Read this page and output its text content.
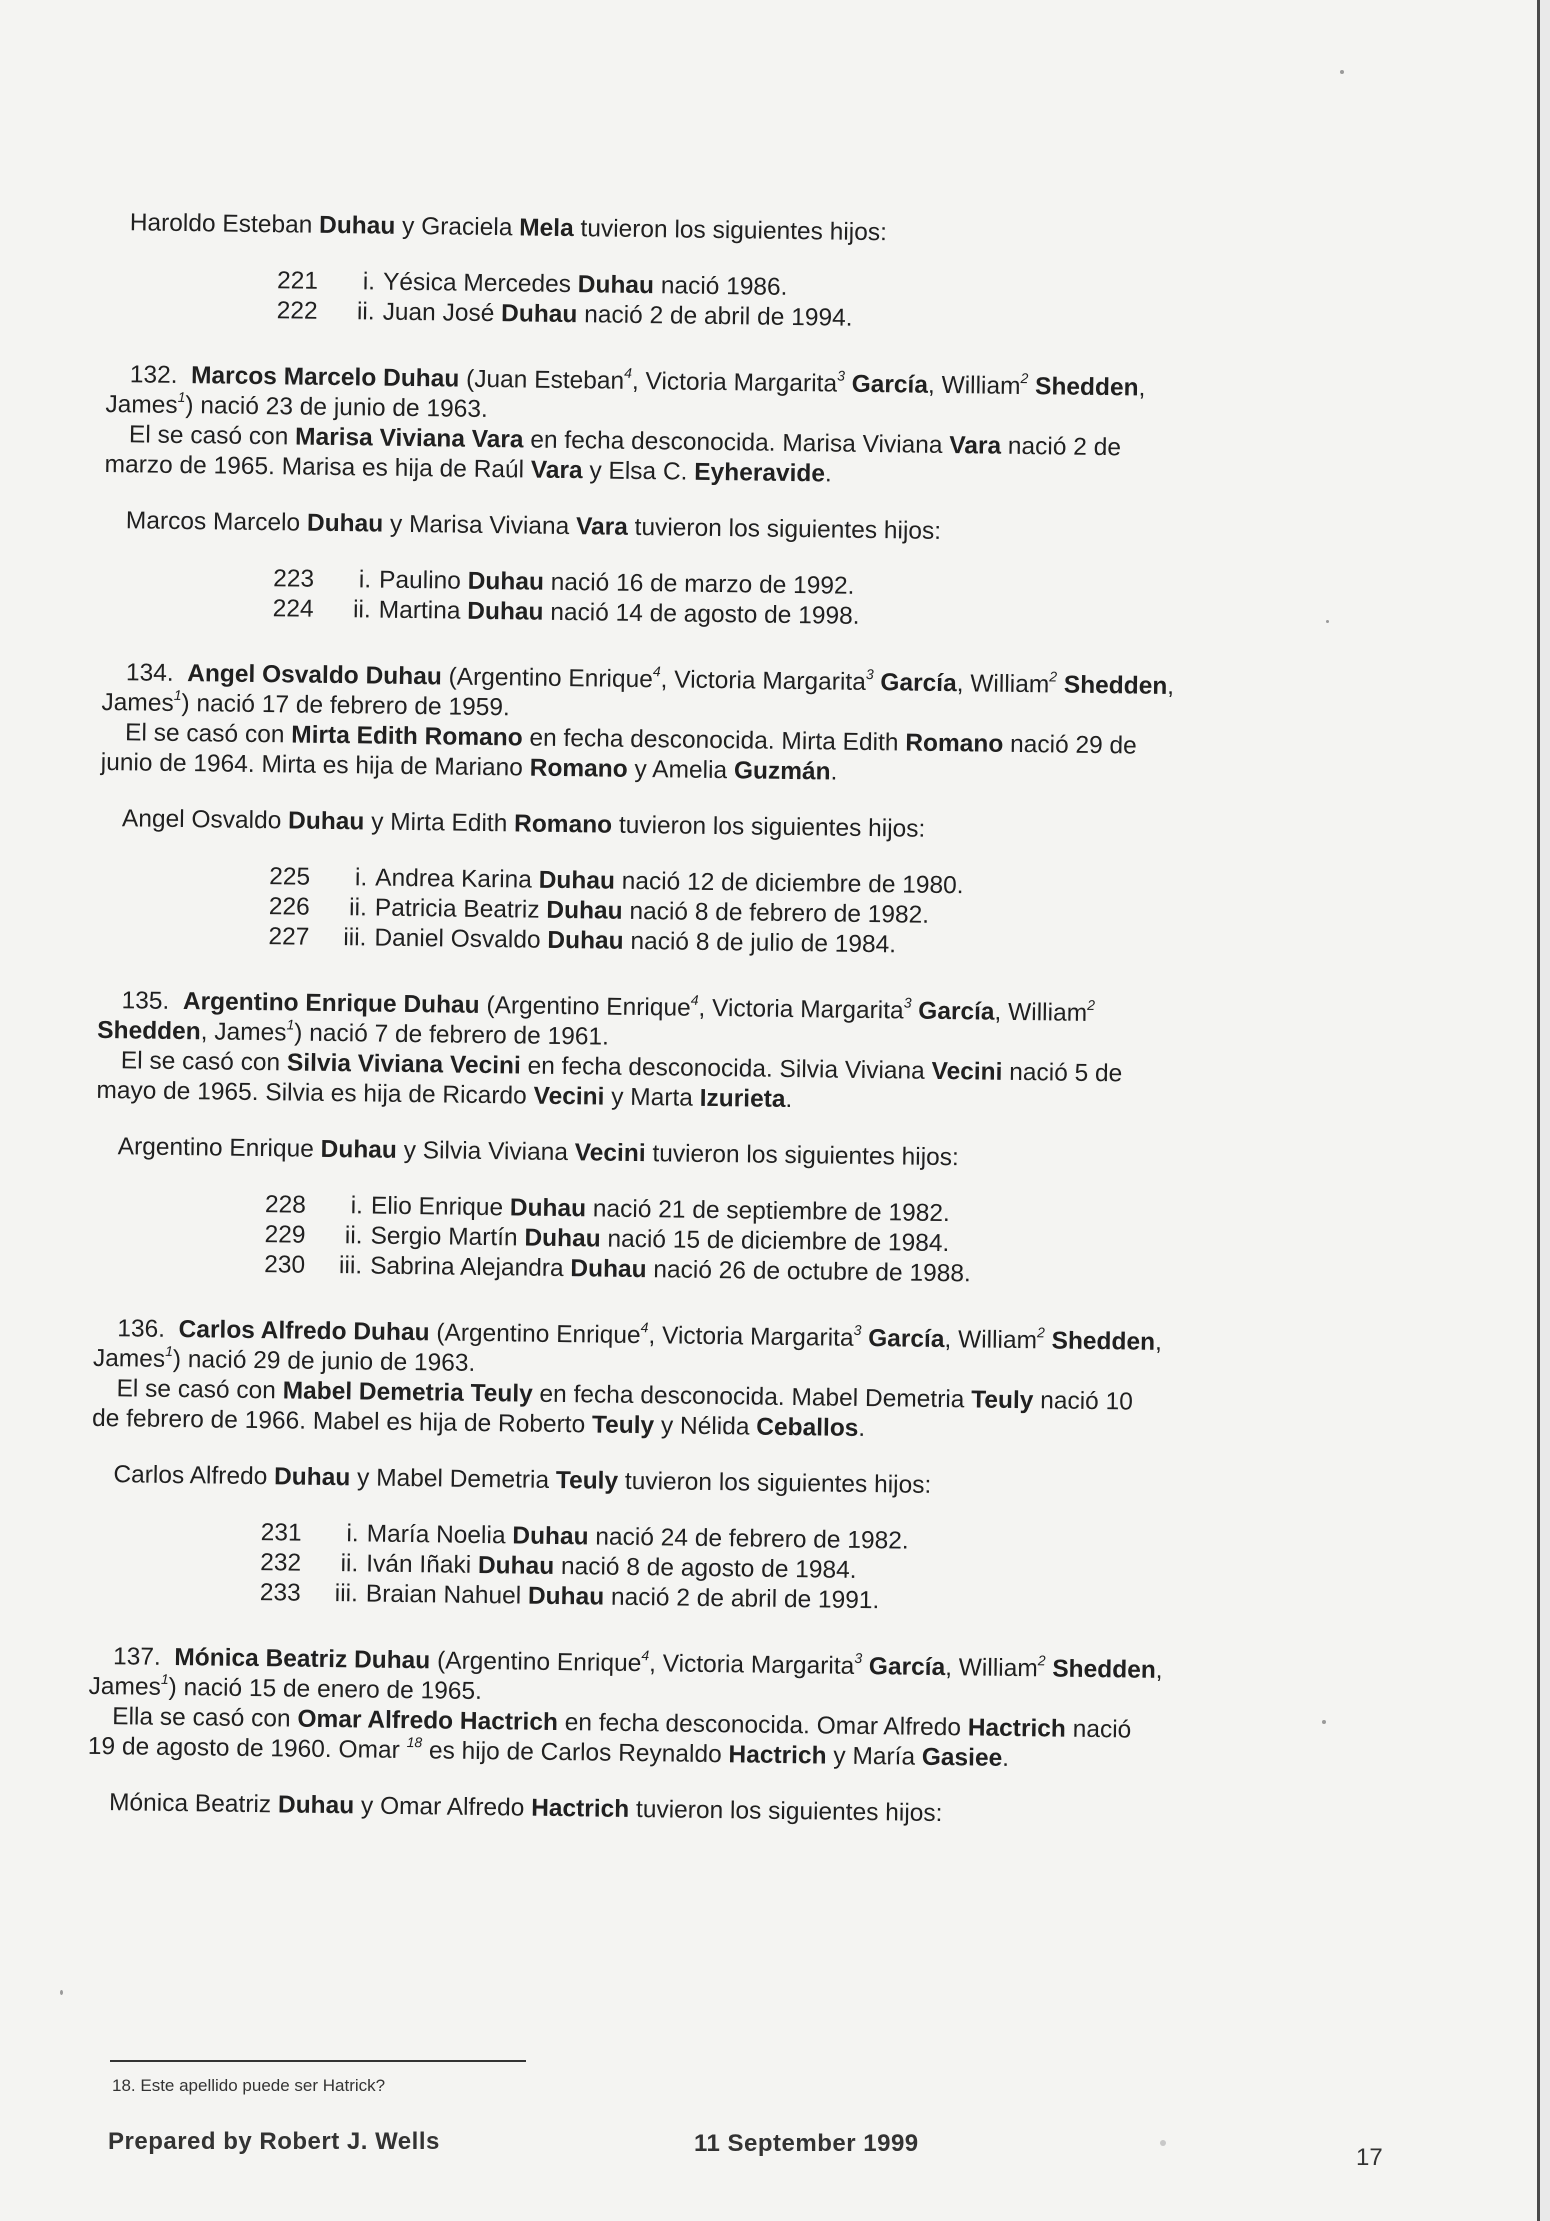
Haroldo Esteban Duhau y Graciela Mela tuvieron los siguientes hijos:
221	i. Yésica Mercedes Duhau nació 1986.
222	ii. Juan José Duhau nació 2 de abril de 1994.
132. Marcos Marcelo Duhau (Juan Esteban$^4$, Victoria Margarita$^3$ García, William$^2$ Shedden,
James$^1$) nació 23 de junio de 1963.
El se casó con Marisa Viviana Vara en fecha desconocida. Marisa Viviana Vara nació 2 de
marzo de 1965. Marisa es hija de Raúl Vara y Elsa C. Eyheravide.
Marcos Marcelo Duhau y Marisa Viviana Vara tuvieron los siguientes hijos:
223	i. Paulino Duhau nació 16 de marzo de 1992.
224	ii. Martina Duhau nació 14 de agosto de 1998.
134. Angel Osvaldo Duhau (Argentino Enrique$^4$, Victoria Margarita$^3$ García, William$^2$ Shedden,
James$^1$) nació 17 de febrero de 1959.
El se casó con Mirta Edith Romano en fecha desconocida. Mirta Edith Romano nació 29 de
junio de 1964. Mirta es hija de Mariano Romano y Amelia Guzmán.
Angel Osvaldo Duhau y Mirta Edith Romano tuvieron los siguientes hijos:
225	i. Andrea Karina Duhau nació 12 de diciembre de 1980.
226	ii. Patricia Beatriz Duhau nació 8 de febrero de 1982.
227	iii. Daniel Osvaldo Duhau nació 8 de julio de 1984.
135. Argentino Enrique Duhau (Argentino Enrique$^4$, Victoria Margarita$^3$ García, William$^2$
Shedden, James$^1$) nació 7 de febrero de 1961.
El se casó con Silvia Viviana Vecini en fecha desconocida. Silvia Viviana Vecini nació 5 de
mayo de 1965. Silvia es hija de Ricardo Vecini y Marta Izurieta.
Argentino Enrique Duhau y Silvia Viviana Vecini tuvieron los siguientes hijos:
228	i. Elio Enrique Duhau nació 21 de septiembre de 1982.
229	ii. Sergio Martín Duhau nació 15 de diciembre de 1984.
230	iii. Sabrina Alejandra Duhau nació 26 de octubre de 1988.
136. Carlos Alfredo Duhau (Argentino Enrique$^4$, Victoria Margarita$^3$ García, William$^2$ Shedden,
James$^1$) nació 29 de junio de 1963.
El se casó con Mabel Demetria Teuly en fecha desconocida. Mabel Demetria Teuly nació 10
de febrero de 1966. Mabel es hija de Roberto Teuly y Nélida Ceballos.
Carlos Alfredo Duhau y Mabel Demetria Teuly tuvieron los siguientes hijos:
231	i. María Noelia Duhau nació 24 de febrero de 1982.
232	ii. Iván Iñaki Duhau nació 8 de agosto de 1984.
233	iii. Braian Nahuel Duhau nació 2 de abril de 1991.
137. Mónica Beatriz Duhau (Argentino Enrique$^4$, Victoria Margarita$^3$ García, William$^2$ Shedden,
James$^1$) nació 15 de enero de 1965.
Ella se casó con Omar Alfredo Hactrich en fecha desconocida. Omar Alfredo Hactrich nació
19 de agosto de 1960. Omar $^{18}$ es hijo de Carlos Reynaldo Hactrich y María Gasiee.
Mónica Beatriz Duhau y Omar Alfredo Hactrich tuvieron los siguientes hijos:
18. Este apellido puede ser Hatrick?
Prepared by Robert J. Wells	11 September 1999
17
